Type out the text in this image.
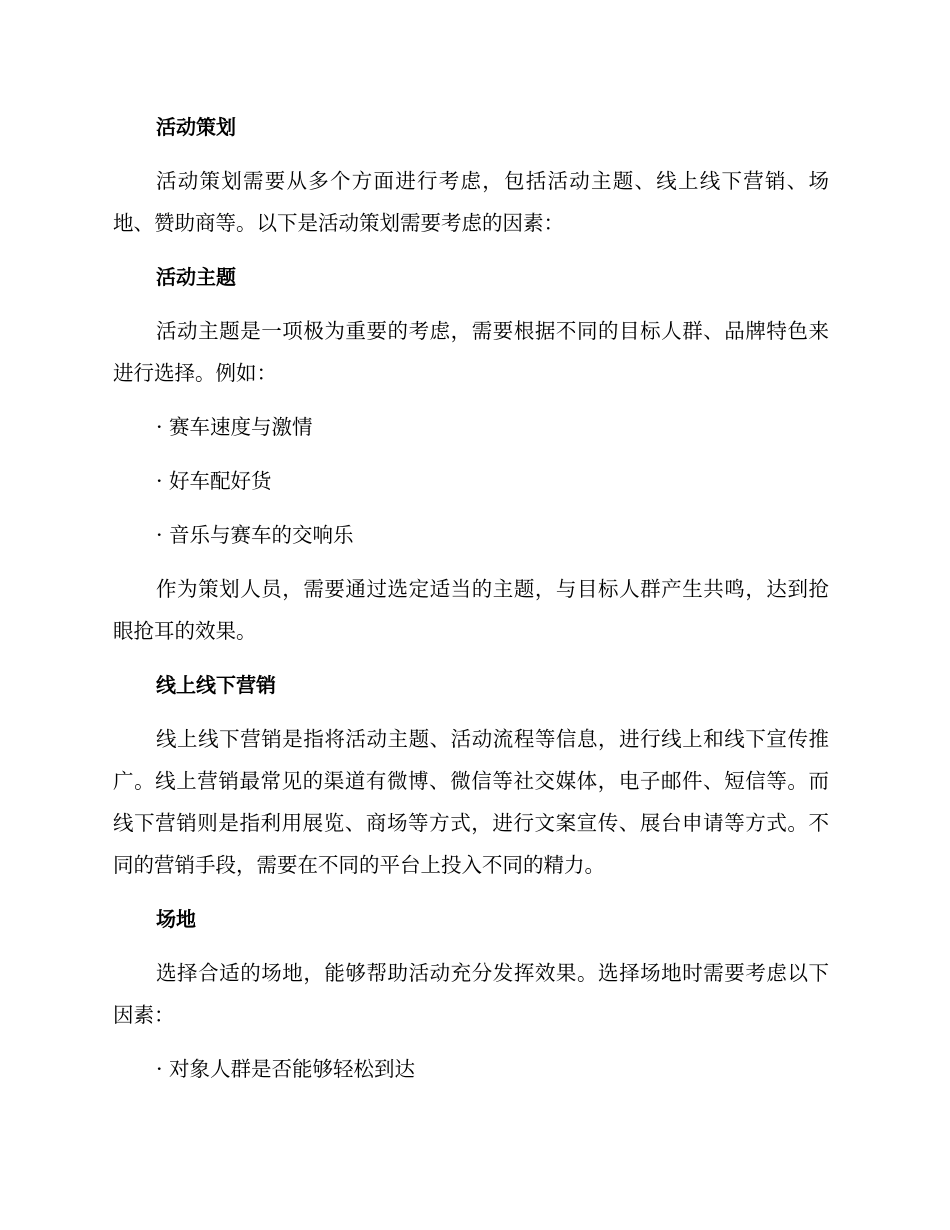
活动策划

活动策划需要从多个方面进行考虑，包括活动主题、线上线下营销、场地、赞助商等。以下是活动策划需要考虑的因素：

活动主题

活动主题是一项极为重要的考虑，需要根据不同的目标人群、品牌特色来进行选择。例如：

· 赛车速度与激情

· 好车配好货

· 音乐与赛车的交响乐

作为策划人员，需要通过选定适当的主题，与目标人群产生共鸣，达到抢眼抢耳的效果。

线上线下营销

线上线下营销是指将活动主题、活动流程等信息，进行线上和线下宣传推广。线上营销最常见的渠道有微博、微信等社交媒体，电子邮件、短信等。而线下营销则是指利用展览、商场等方式，进行文案宣传、展台申请等方式。不同的营销手段，需要在不同的平台上投入不同的精力。

场地

选择合适的场地，能够帮助活动充分发挥效果。选择场地时需要考虑以下因素：

· 对象人群是否能够轻松到达
